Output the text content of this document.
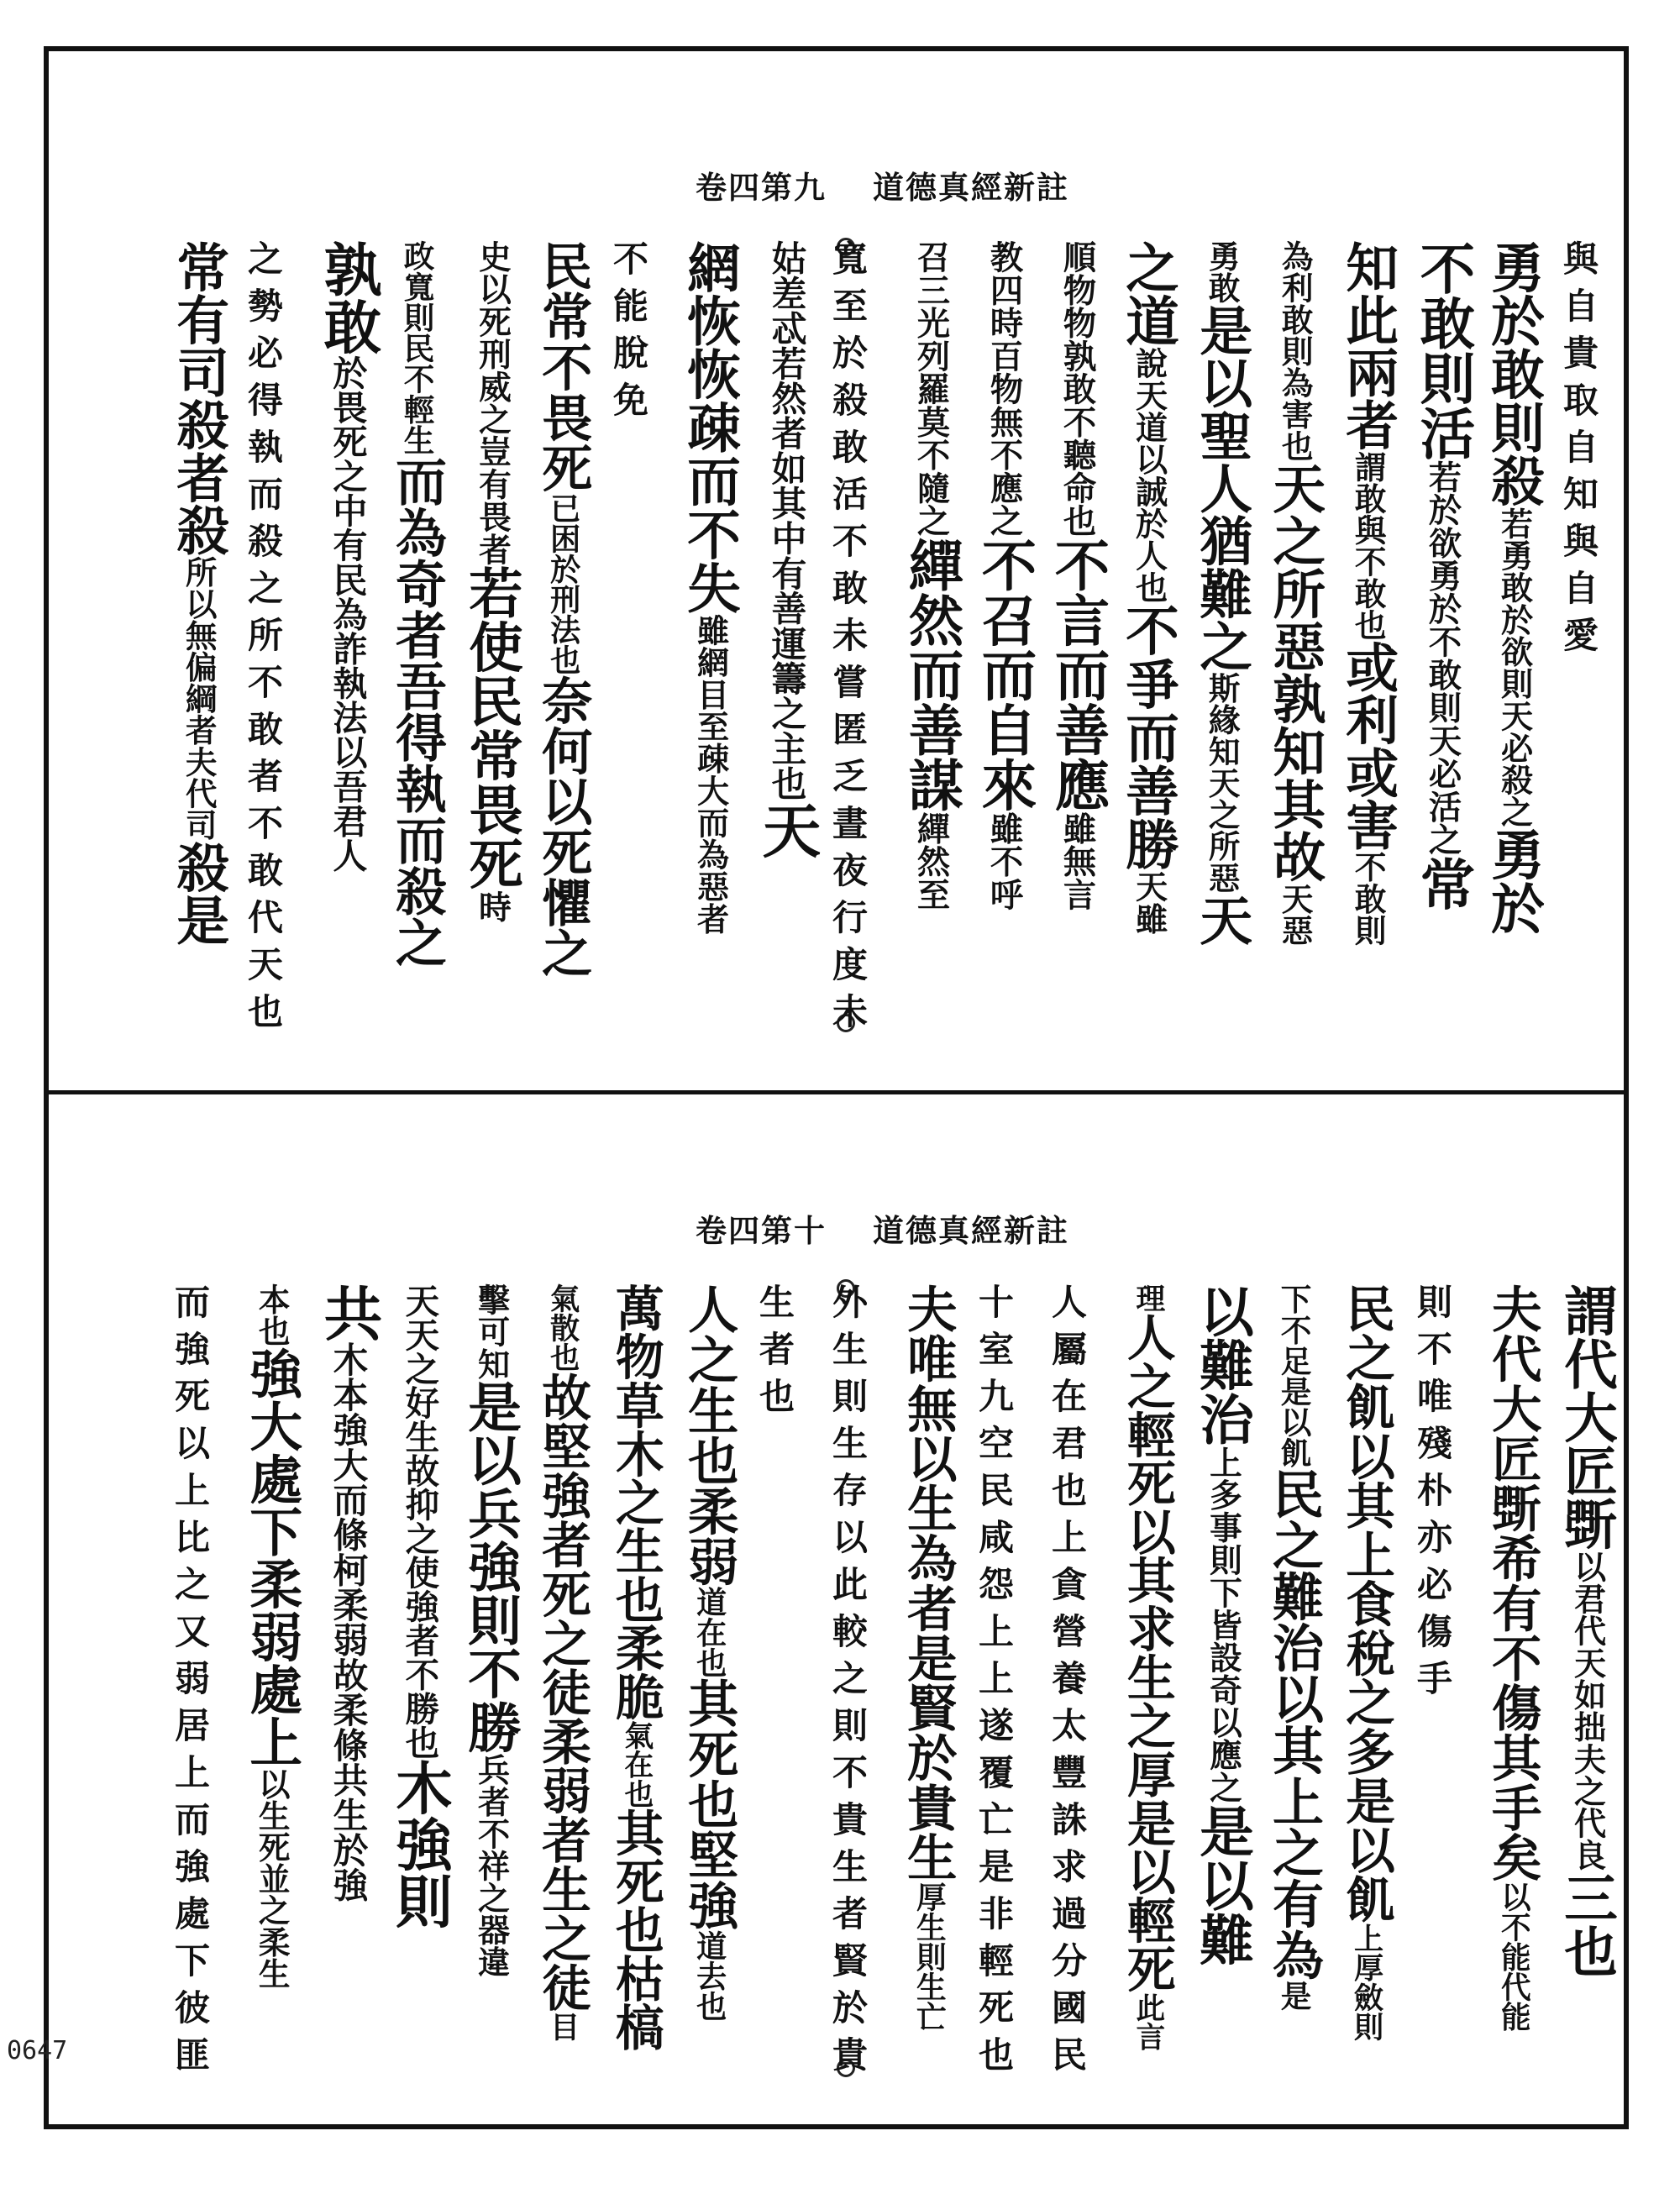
卷四第九 道德真經新註
與自貴取自知與自愛
勇於敢則殺若勇敢於欲則天必殺之勇於
不敢則活若於欲勇於不敢則天必活之常
知此兩者謂敢與不敢也或利或害不敢則
為利敢則為害也天之所惡孰知其故天惡
勇敢是以聖人猶難之斯緣知天之所惡天
之道說天道以誠於人也不爭而善勝天雖
順物物孰敢不聽命也不言而善應雖無言
教四時百物無不應之不召而自來雖不呼
召三光列羅莫不隨之繟然而善謀繟然至
寬至於殺敢活不敢未嘗匿乏晝夜行度未
姑差忒若然者如其中有善運籌之主也天
網恢恢疎而不失雖網目至疎大而為惡者
不能脫免
民常不畏死已困於刑法也奈何以死懼之
史以死刑威之豈有畏者若使民常畏死時
政寬則民不輕生而為奇者吾得執而殺之
孰敢於畏死之中有民為詐執法以吾君人
之勢必得執而殺之所不敢者不敢代天也
常有司殺者殺所以無偏綱者夫代司殺是
卷四第十 道德真經新註
謂代大匠斲以君代天如拙夫之代良三也
夫代大匠斲希有不傷其手矣以不能代能
則不唯殘朴亦必傷手
民之飢以其上食稅之多是以飢上厚斂則
下不足是以飢民之難治以其上之有為是
以難治上多事則下皆設奇以應之是以難
理人之輕死以其求生之厚是以輕死此言
人屬在君也上貪營養太豐誅求過分國民
十室九空民咸怨上上遂覆亡是非輕死也
夫唯無以生為者是賢於貴生厚生則生亡
外生則生存以此較之則不貴生者賢於貴
生者也
人之生也柔弱道在也其死也堅強道去也
萬物草木之生也柔脆氣在也其死也枯槁
氣散也故堅強者死之徒柔弱者生之徒目
擊可知是以兵強則不勝兵者不祥之器違
天天之好生故抑之使強者不勝也木強則
共木本強大而條柯柔弱故柔條共生於強
本也強大處下柔弱處上以生死並之柔生
而強死以上比之又弱居上而強處下彼匪
0647
